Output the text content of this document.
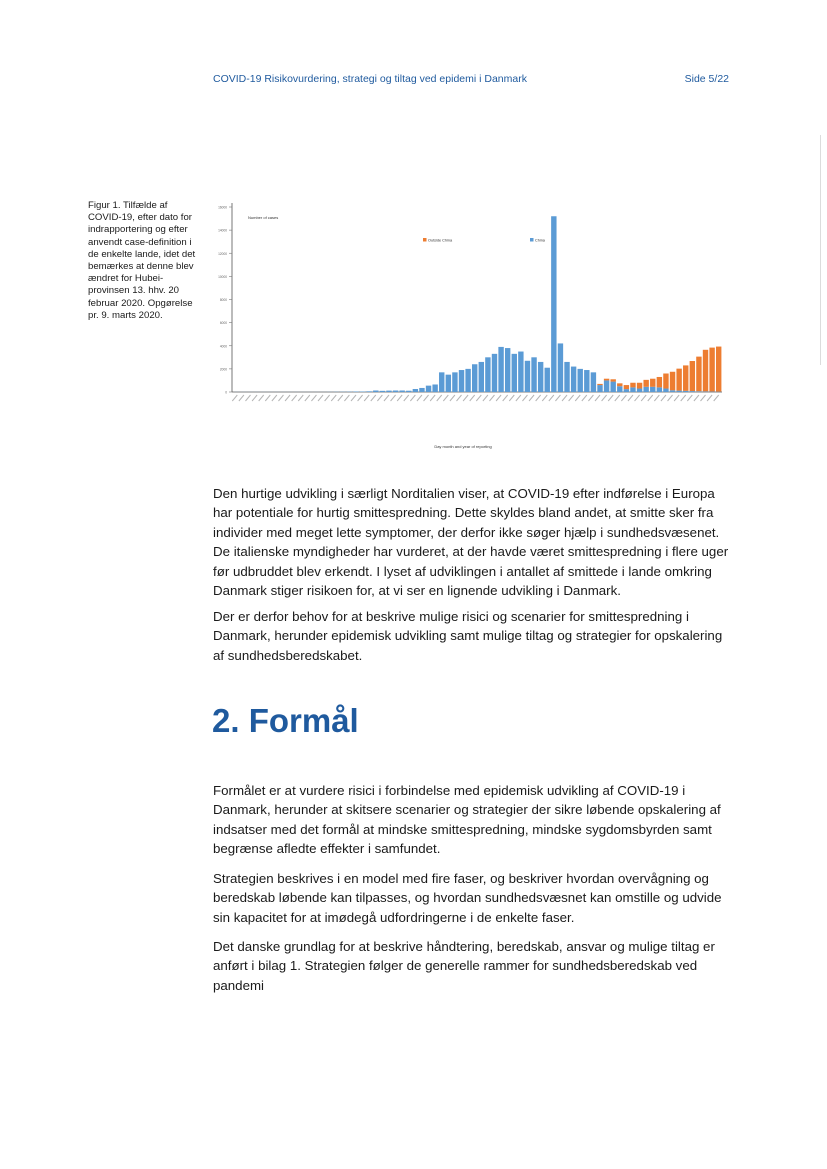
COVID-19 Risikovurdering, strategi og tiltag ved epidemi i Danmark	Side 5/22
Figur 1. Tilfælde af COVID-19, efter dato for indrapportering og efter anvendt case-definition i de enkelte lande, idet det bemærkes at denne blev ændret for Hubei-provinsen 13. hhv. 20 februar 2020. Opgørelse pr. 9. marts 2020.
0
2000
4000
6000
8000
10000
12000
14000
16000
Number of cases
Day month and year of reporting
Outside China	China

Den hurtige udvikling i særligt Norditalien viser, at COVID-19 efter indførelse i Europa har potentiale for hurtig smittespredning. Dette skyldes bland andet, at smitte sker fra individer med meget lette symptomer, der derfor ikke søger hjælp i sundhedsvæsenet. De italienske myndigheder har vurderet, at der havde været smittespredning i flere uger før udbruddet blev erkendt. I lyset af udviklingen i antallet af smittede i lande omkring Danmark stiger risikoen for, at vi ser en lignende udvikling i Danmark.

Der er derfor behov for at beskrive mulige risici og scenarier for smittespredning i Danmark, herunder epidemisk udvikling samt mulige tiltag og strategier for opskalering af sundhedsberedskabet.

2. Formål

Formålet er at vurdere risici i forbindelse med epidemisk udvikling af COVID-19 i Danmark, herunder at skitsere scenarier og strategier der sikre løbende opskalering af indsatser med det formål at mindske smittespredning, mindske sygdomsbyrden samt begrænse afledte effekter i samfundet.

Strategien beskrives i en model med fire faser, og beskriver hvordan overvågning og beredskab løbende kan tilpasses, og hvordan sundhedsvæsnet kan omstille og udvide sin kapacitet for at imødegå udfordringerne i de enkelte faser.

Det danske grundlag for at beskrive håndtering, beredskab, ansvar og mulige tiltag er anført i bilag 1. Strategien følger de generelle rammer for sundhedsberedskab ved pandemi
